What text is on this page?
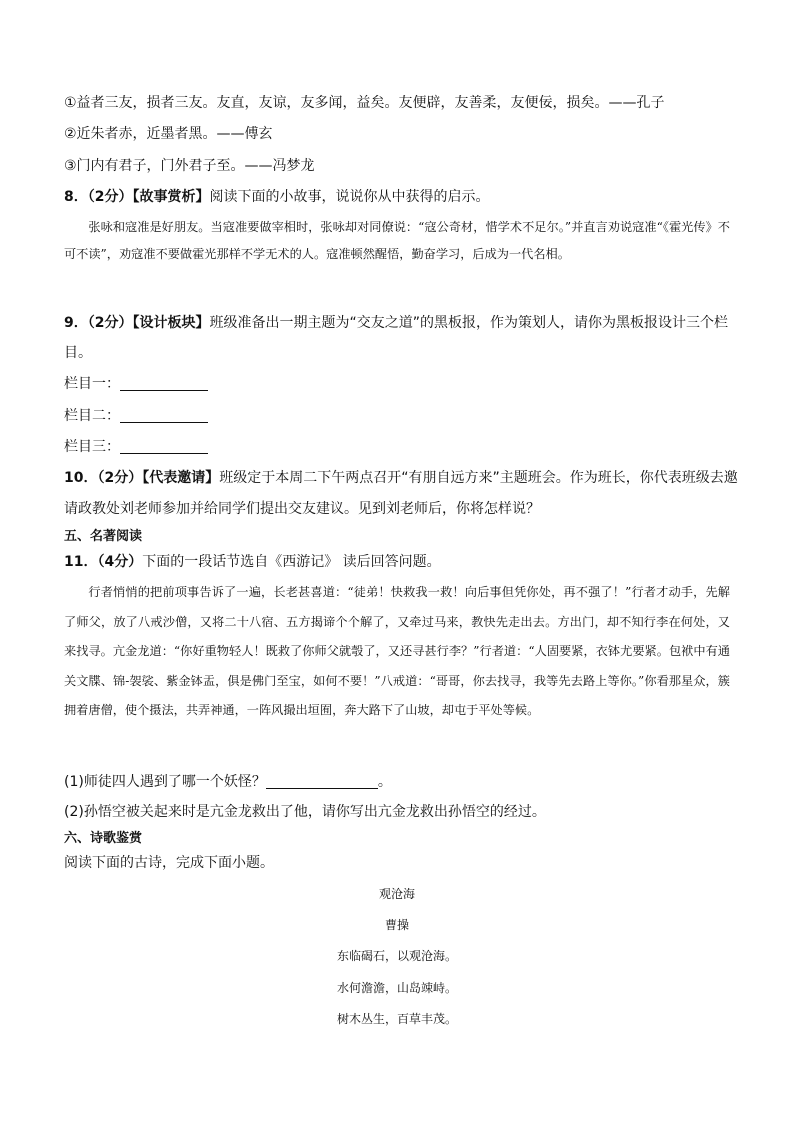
①益者三友，损者三友。友直，友谅，友多闻，益矣。友便辟，友善柔，友便佞，损矣。——孔子
②近朱者赤，近墨者黑。——傅玄
③门内有君子，门外君子至。——冯梦龙
8．（2分）【故事赏析】阅读下面的小故事，说说你从中获得的启示。

张咏和寇准是好朋友。当寇准要做宰相时，张咏却对同僚说：“寇公奇材，惜学术不足尔。”并直言劝说寇准“《霍光传》不可不读”，劝寇准不要做霍光那样不学无术的人。寇准顿然醒悟，勤奋学习，后成为一代名相。

9．（2分）【设计板块】班级准备出一期主题为“交友之道”的黑板报，作为策划人，请你为黑板报设计三个栏
目。
栏目一：
栏目二：
栏目三：
10．（2分）【代表邀请】班级定于本周二下午两点召开“有朋自远方来”主题班会。作为班长，你代表班级去邀
请政教处刘老师参加并给同学们提出交友建议。见到刘老师后，你将怎样说？
五、名著阅读
11．（4分）下面的一段话节选自《西游记》 读后回答问题。

行者悄悄的把前项事告诉了一遍，长老甚喜道：“徒弟！快救我一救！向后事但凭你处，再不强了！”行者才动手，先解了师父，放了八戒沙僧，又将二十八宿、五方揭谛个个解了，又牵过马来，教快先走出去。方出门，却不知行李在何处，又来找寻。亢金龙道：“你好重物轻人！既救了你师父就彀了，又还寻甚行李？”行者道：“人固要紧，衣钵尤要紧。包袱中有通关文牒、锦-袈裟、紫金钵盂，俱是佛门至宝，如何不要！”八戒道：“哥哥，你去找寻，我等先去路上等你。”你看那星众，簇拥着唐僧，使个摄法，共弄神通，一阵风撮出垣囿，奔大路下了山坡，却屯于平处等候。

(1)师徒四人遇到了哪一个妖怪？	。
(2)孙悟空被关起来时是亢金龙救出了他，请你写出亢金龙救出孙悟空的经过。
六、诗歌鉴赏
阅读下面的古诗，完成下面小题。
观沧海
曹操
东临碣石，以观沧海。
水何澹澹，山岛竦峙。
树木丛生，百草丰茂。
